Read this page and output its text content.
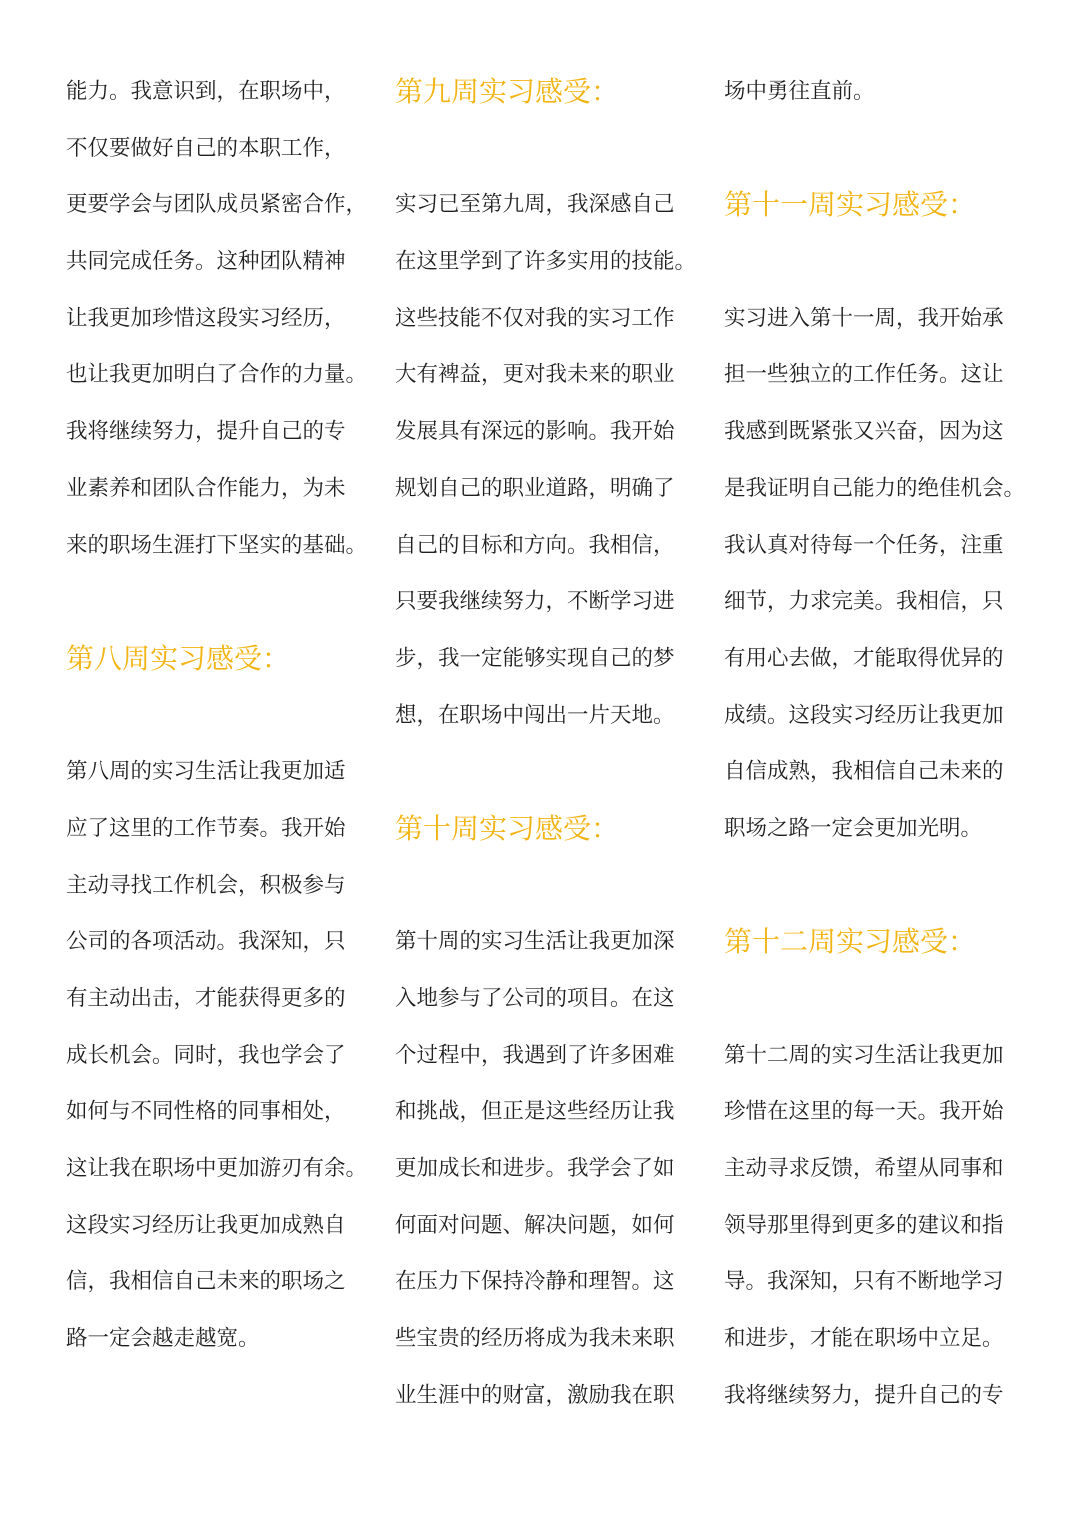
能力。我意识到，在职场中，
不仅要做好自己的本职工作，
更要学会与团队成员紧密合作，
共同完成任务。这种团队精神
让我更加珍惜这段实习经历，
也让我更加明白了合作的力量。
我将继续努力，提升自己的专
业素养和团队合作能力，为未
来的职场生涯打下坚实的基础。
第八周实习感受：
第八周的实习生活让我更加适
应了这里的工作节奏。我开始
主动寻找工作机会，积极参与
公司的各项活动。我深知，只
有主动出击，才能获得更多的
成长机会。同时，我也学会了
如何与不同性格的同事相处，
这让我在职场中更加游刃有余。
这段实习经历让我更加成熟自
信，我相信自己未来的职场之
路一定会越走越宽。
第九周实习感受：
实习已至第九周，我深感自己
在这里学到了许多实用的技能。
这些技能不仅对我的实习工作
大有裨益，更对我未来的职业
发展具有深远的影响。我开始
规划自己的职业道路，明确了
自己的目标和方向。我相信，
只要我继续努力，不断学习进
步，我一定能够实现自己的梦
想，在职场中闯出一片天地。
第十周实习感受：
第十周的实习生活让我更加深
入地参与了公司的项目。在这
个过程中，我遇到了许多困难
和挑战，但正是这些经历让我
更加成长和进步。我学会了如
何面对问题、解决问题，如何
在压力下保持冷静和理智。这
些宝贵的经历将成为我未来职
业生涯中的财富，激励我在职
场中勇往直前。
第十一周实习感受：
实习进入第十一周，我开始承
担一些独立的工作任务。这让
我感到既紧张又兴奋，因为这
是我证明自己能力的绝佳机会。
我认真对待每一个任务，注重
细节，力求完美。我相信，只
有用心去做，才能取得优异的
成绩。这段实习经历让我更加
自信成熟，我相信自己未来的
职场之路一定会更加光明。
第十二周实习感受：
第十二周的实习生活让我更加
珍惜在这里的每一天。我开始
主动寻求反馈，希望从同事和
领导那里得到更多的建议和指
导。我深知，只有不断地学习
和进步，才能在职场中立足。
我将继续努力，提升自己的专
